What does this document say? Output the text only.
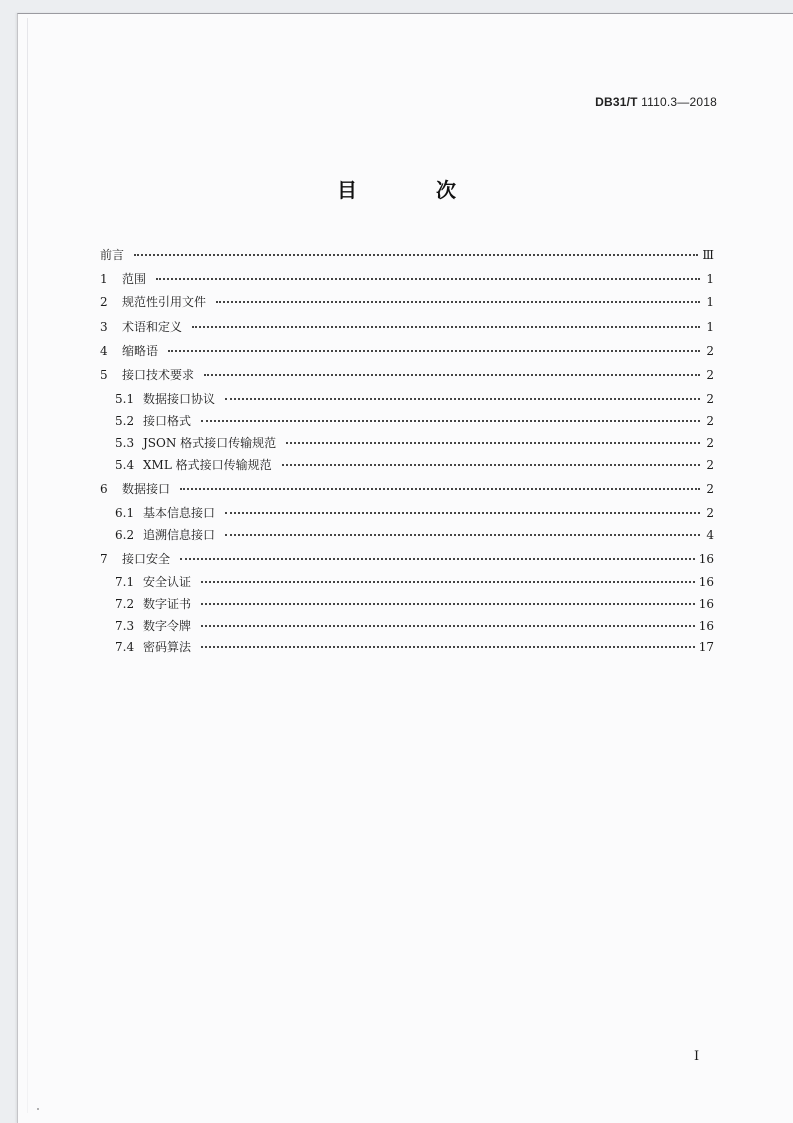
DB31/T 1110.3—2018
目 次
前言	Ⅲ
1	范围	1
2	规范性引用文件	1
3	术语和定义	1
4	缩略语	2
5	接口技术要求	2
5.1 数据接口协议	2
5.2 接口格式	2
5.3 JSON 格式接口传输规范	2
5.4 XML 格式接口传输规范	2
6	数据接口	2
6.1 基本信息接口	2
6.2 追溯信息接口	4
7	接口安全	16
7.1 安全认证	16
7.2 数字证书	16
7.3 数字令牌	16
7.4 密码算法	17
I
